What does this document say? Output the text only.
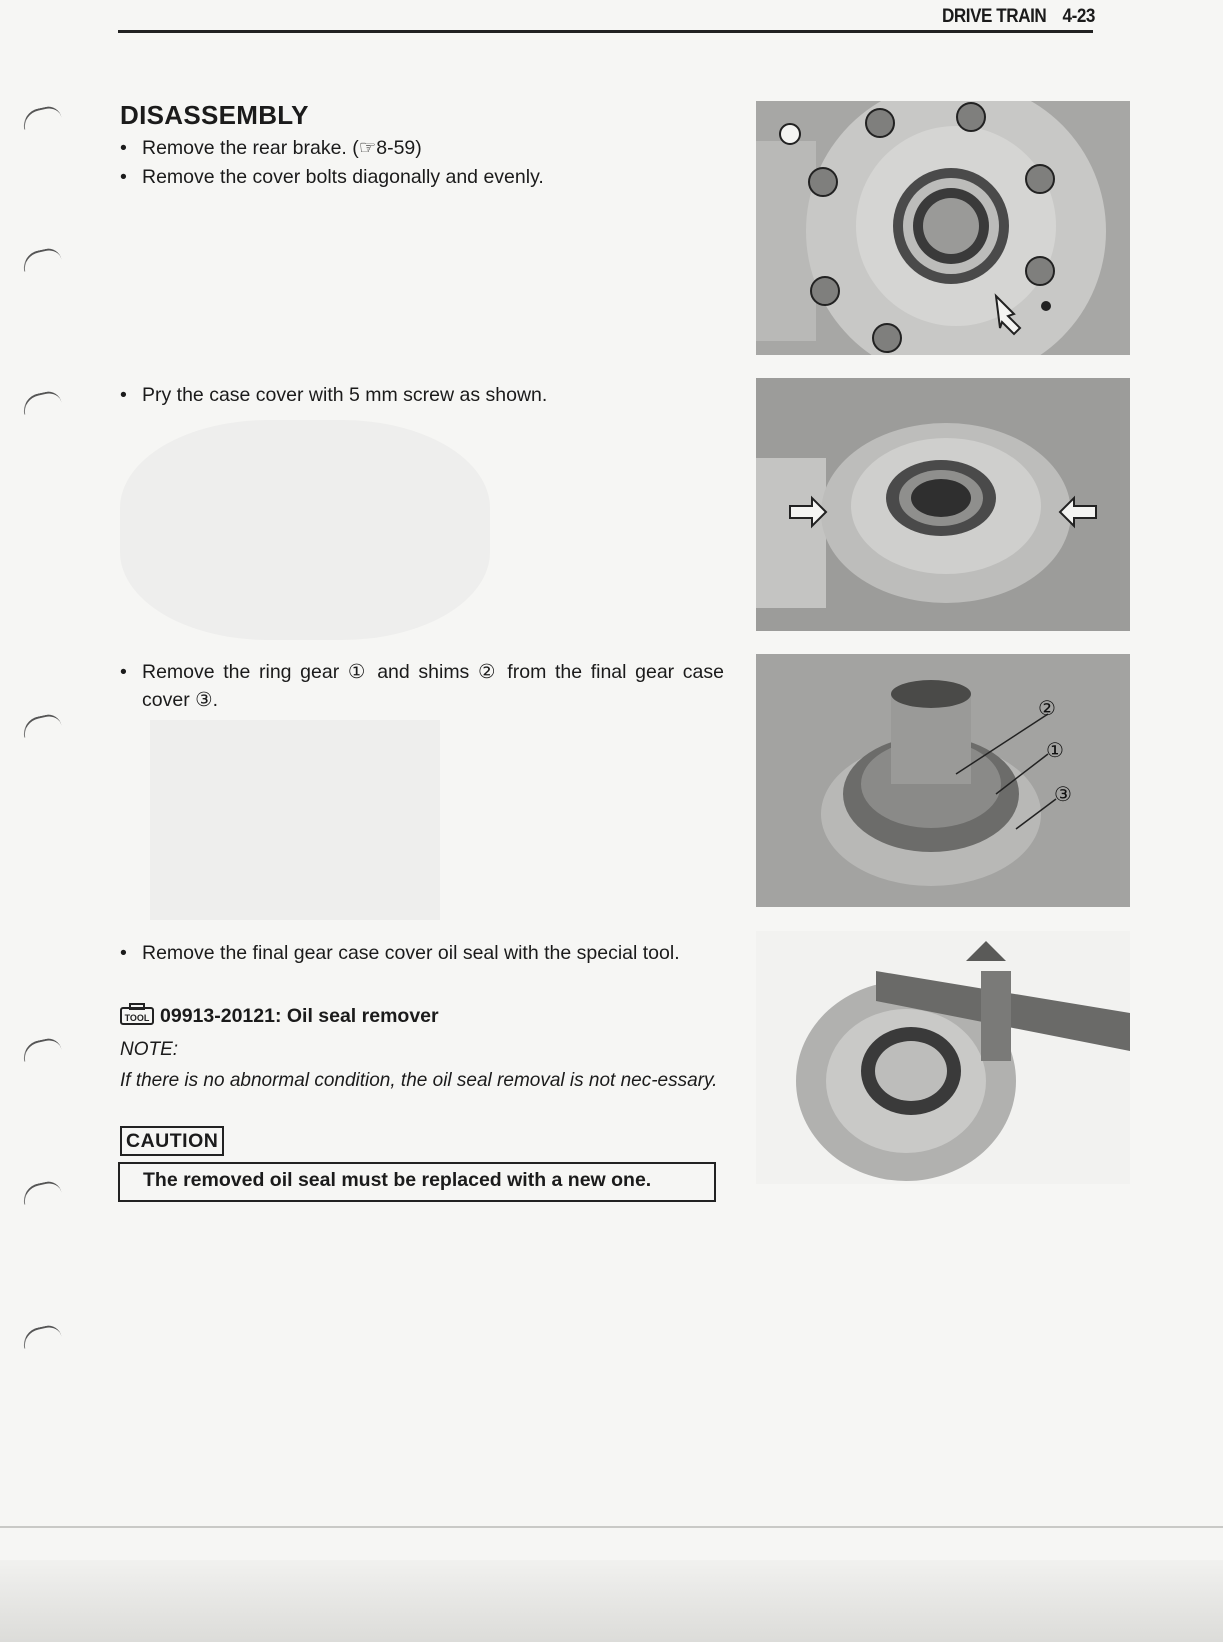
DRIVE TRAIN 4-23
DISASSEMBLY
• Remove the rear brake. (☞8-59)
• Remove the cover bolts diagonally and evenly.
• Pry the case cover with 5 mm screw as shown.
• Remove the ring gear ① and shims ② from the final gear case cover ③.
• Remove the final gear case cover oil seal with the special tool.
TOOL 09913-20121: Oil seal remover
NOTE:
If there is no abnormal condition, the oil seal removal is not nec-essary.
CAUTION
The removed oil seal must be replaced with a new one.
②
①
③
